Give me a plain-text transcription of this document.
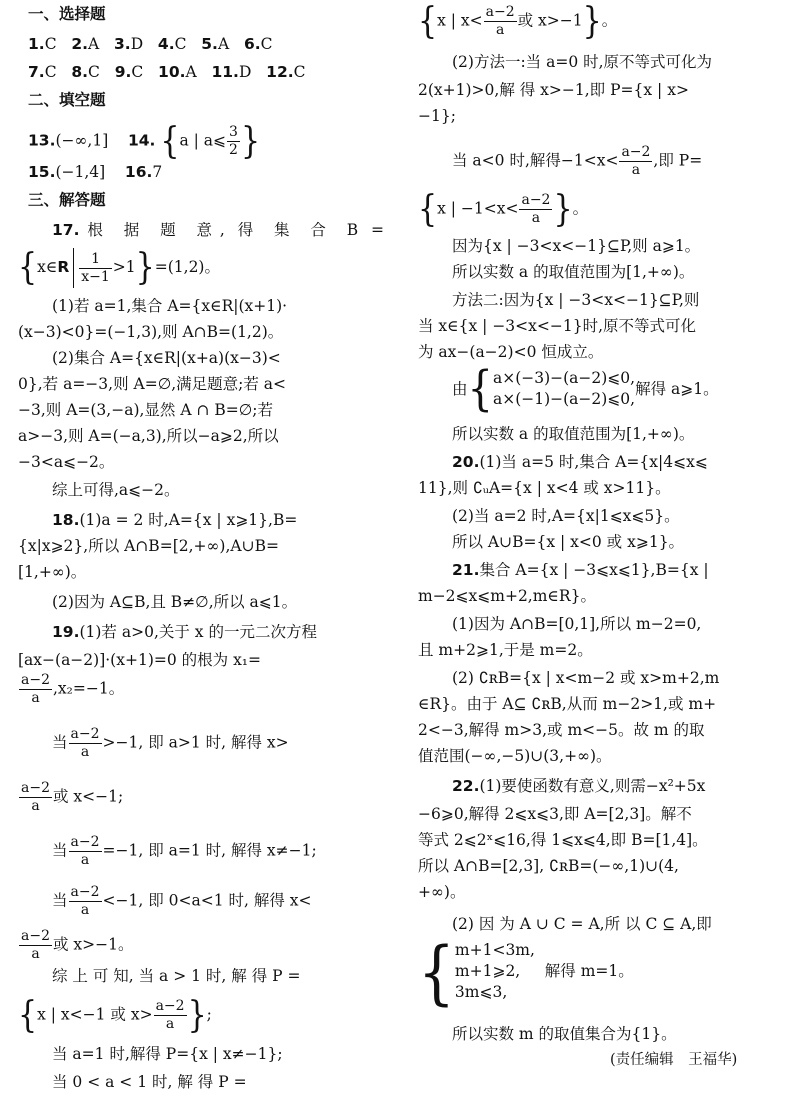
一、选择题
1.C 2.A 3.D 4.C 5.A 6.C
7.C 8.C 9.C 10.A 11.D 12.C
二、填空题
13.(−∞,1] 14. {a | a⩽ $\frac{3}{2}$ }
15.(−1,4] 16.7
三、解答题
17.根 据 题 意, 得 集 合 B =
{x∈R $\frac{1}{x-1} >1\}=(1,2)$。
(1)若 a=1,集合 A={x∈R|(x+1)·
(x−3)<0}=(−1,3),则 A∩B=(1,2)。
(2)集合 A={x∈R|(x+a)(x−3)<
0},若 a=−3,则 A=∅,满足题意;若 a<
−3,则 A=(3,−a),显然 A ∩ B=∅;若
a>−3,则 A=(−a,3),所以−a⩾2,所以
−3<a⩽−2。
综上可得,a⩽−2。
18.(1)a = 2 时,A={x | x⩾1},B=
{x|x⩾2},所以 A∩B=[2,+∞),A∪B=
[1,+∞)。
(2)因为 A⊆B,且 B≠∅,所以 a⩽1。
19.(1)若 a>0,关于 x 的一元二次方程
[ax−(a−2)]·(x+1)=0 的根为 x₁=
$\frac{a-2}{a} ,x_2=-1$。
当 $\frac{a-2}{a} >-1$, 即 a>1 时, 解得 x>
$\frac{a-2}{a}$ 或 x<−1;
当 $\frac{a-2}{a} =-1$, 即 a=1 时, 解得 x≠−1;
当 $\frac{a-2}{a} <-1$, 即 0<a<1 时, 解得 x<
$\frac{a-2}{a}$ 或 x>−1。
综 上 可 知, 当 a > 1 时, 解 得 P =
{x | x<−1 或 $x> \frac{a-2}{a}$ };
当 a=1 时,解得 P={x | x≠−1};
当 0 < a < 1 时, 解 得 P =
{x | $x< \frac{a-2}{a}$ 或 x>−1}。
(2)方法一:当 a=0 时,原不等式可化为
2(x+1)>0,解 得 x>−1,即 P={x | x>
−1};
当 a<0 时,解得$-1<x< \frac{a-2}{a}$ ,即 P=
{x | $-1<x< \frac{a-2}{a}$ }。
因为{x | −3<x<−1}⊆P,则 a⩾1。
所以实数 a 的取值范围为[1,+∞)。
方法二:因为{x | −3<x<−1}⊆P,则
当 x∈{x | −3<x<−1}时,原不等式可化
为 ax−(a−2)<0 恒成立。
由{ a×(−3)−(a−2)⩽0,
a×(−1)−(a−2)⩽0,
解得 a⩾1。
所以实数 a 的取值范围为[1,+∞)。
20.(1)当 a=5 时,集合 A={x|4⩽x⩽
11},则 ∁ᵤA={x | x<4 或 x>11}。
(2)当 a=2 时,A={x|1⩽x⩽5}。
所以 A∪B={x | x<0 或 x⩾1}。
21.集合 A={x | −3⩽x⩽1},B={x |
m−2⩽x⩽m+2,m∈R}。
(1)因为 A∩B=[0,1],所以 m−2=0,
且 m+2⩾1,于是 m=2。
(2) ∁ʀB={x | x<m−2 或 x>m+2,m
∈R}。由于 A⊆ ∁ʀB,从而 m−2>1,或 m+
2<−3,解得 m>3,或 m<−5。故 m 的取
值范围(−∞,−5)∪(3,+∞)。
22.(1)要使函数有意义,则需−x²+5x
−6⩾0,解得 2⩽x⩽3,即 A=[2,3]。解不
等式 2⩽2ˣ⩽16,得 1⩽x⩽4,即 B=[1,4]。
所以 A∩B=[2,3], ∁ʀB=(−∞,1)∪(4,
+∞)。
(2) 因 为 A ∪ C = A,所 以 C ⊆ A,即
{ m+1<3m,
m+1⩾2,
3m⩽3,
解得 m=1。
所以实数 m 的取值集合为{1}。
(责任编辑　王福华)
